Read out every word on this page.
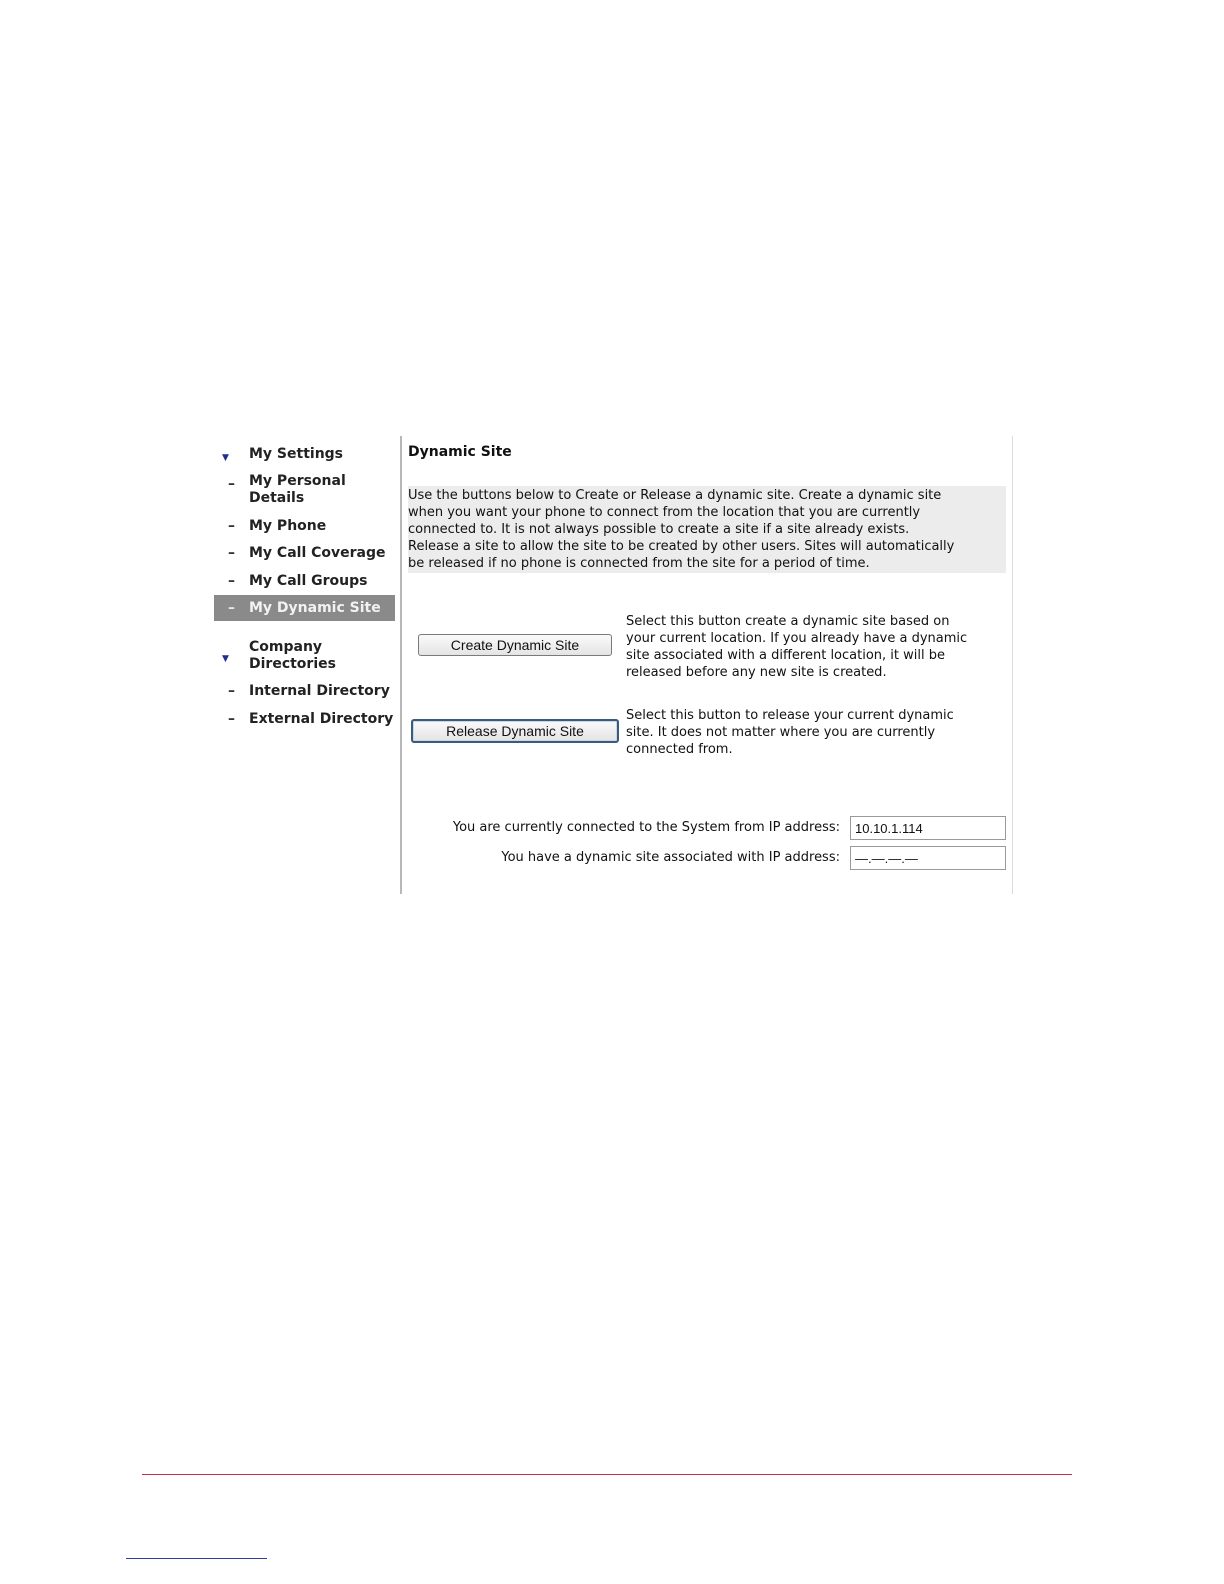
▼ My Settings
– My Personal
Details
– My Phone
– My Call Coverage
– My Call Groups
– My Dynamic Site
▼
Company
Directories
– Internal Directory
– External Directory
Dynamic Site
Use the buttons below to Create or Release a dynamic site. Create a dynamic site
when you want your phone to connect from the location that you are currently
connected to. It is not always possible to create a site if a site already exists.
Release a site to allow the site to be created by other users. Sites will automatically
be released if no phone is connected from the site for a period of time.
Create Dynamic Site
Select this button create a dynamic site based on
your current location. If you already have a dynamic
site associated with a different location, it will be
released before any new site is created.
Release Dynamic Site
Select this button to release your current dynamic
site. It does not matter where you are currently
connected from.
You are currently connected to the System from IP address:
10.10.1.114
You have a dynamic site associated with IP address:
—.—.—.—
